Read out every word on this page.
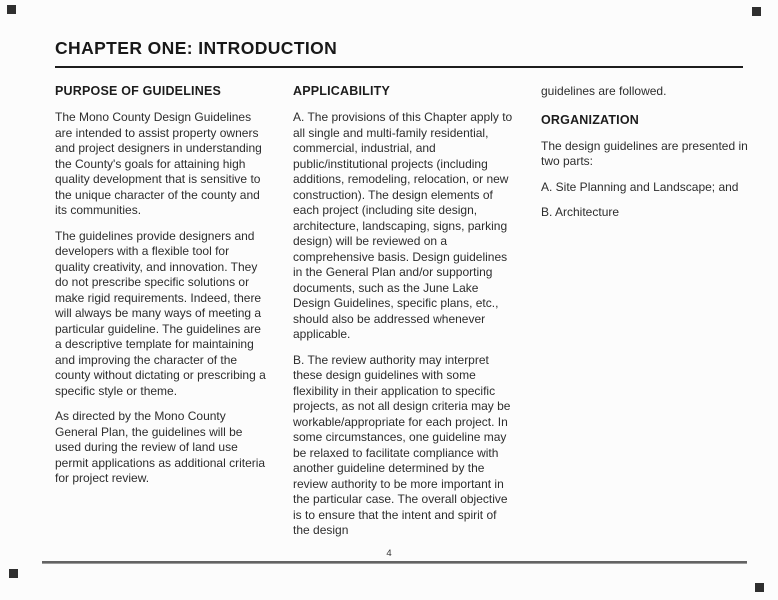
CHAPTER ONE: INTRODUCTION
PURPOSE OF GUIDELINES

The Mono County Design Guidelines are intended to assist property owners and project designers in understanding the County's goals for attaining high quality development that is sensitive to the unique character of the county and its communities.

The guidelines provide designers and developers with a flexible tool for quality creativity, and innovation. They do not prescribe specific solutions or make rigid requirements. Indeed, there will always be many ways of meeting a particular guideline. The guidelines are a descriptive template for maintaining and improving the character of the county without dictating or prescribing a specific style or theme.

As directed by the Mono County General Plan, the guidelines will be used during the review of land use permit applications as additional criteria for project review.

APPLICABILITY

A. The provisions of this Chapter apply to all single and multi-family residential, commercial, industrial, and public/institutional projects (including additions, remodeling, relocation, or new construction). The design elements of each project (including site design, architecture, landscaping, signs, parking design) will be reviewed on a comprehensive basis. Design guidelines in the General Plan and/or supporting documents, such as the June Lake Design Guidelines, specific plans, etc., should also be addressed whenever applicable.

B. The review authority may interpret these design guidelines with some flexibility in their application to specific projects, as not all design criteria may be workable/appropriate for each project. In some circumstances, one guideline may be relaxed to facilitate compliance with another guideline determined by the review authority to be more important in the particular case. The overall objective is to ensure that the intent and spirit of the design

guidelines are followed.

ORGANIZATION

The design guidelines are presented in two parts:

A. Site Planning and Landscape; and

B. Architecture

4
